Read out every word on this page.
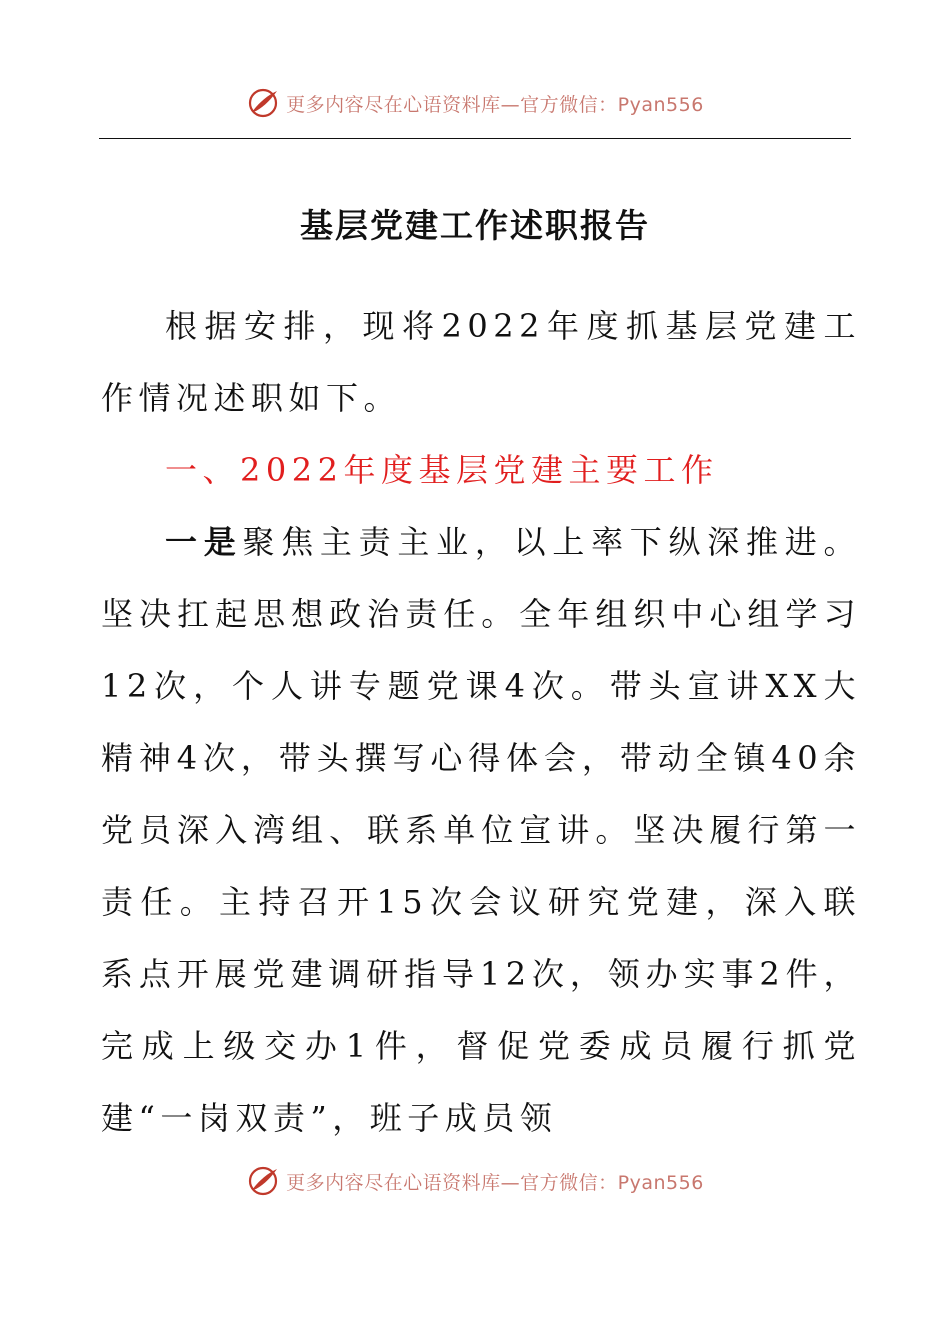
更多内容尽在心语资料库—官方微信：Pyan556
基层党建工作述职报告

根据安排，现将2022年度抓基层党建工作情况述职如下。

一、2022年度基层党建主要工作

一是聚焦主责主业，以上率下纵深推进。坚决扛起思想政治责任。全年组织中心组学习12次，个人讲专题党课4次。带头宣讲XX大精神4次，带头撰写心得体会，带动全镇40余党员深入湾组、联系单位宣讲。坚决履行第一责任。主持召开15次会议研究党建，深入联系点开展党建调研指导12次，领办实事2件，完成上级交办1件，督促党委成员履行抓党建“一岗双责”，班子成员领

更多内容尽在心语资料库—官方微信：Pyan556
